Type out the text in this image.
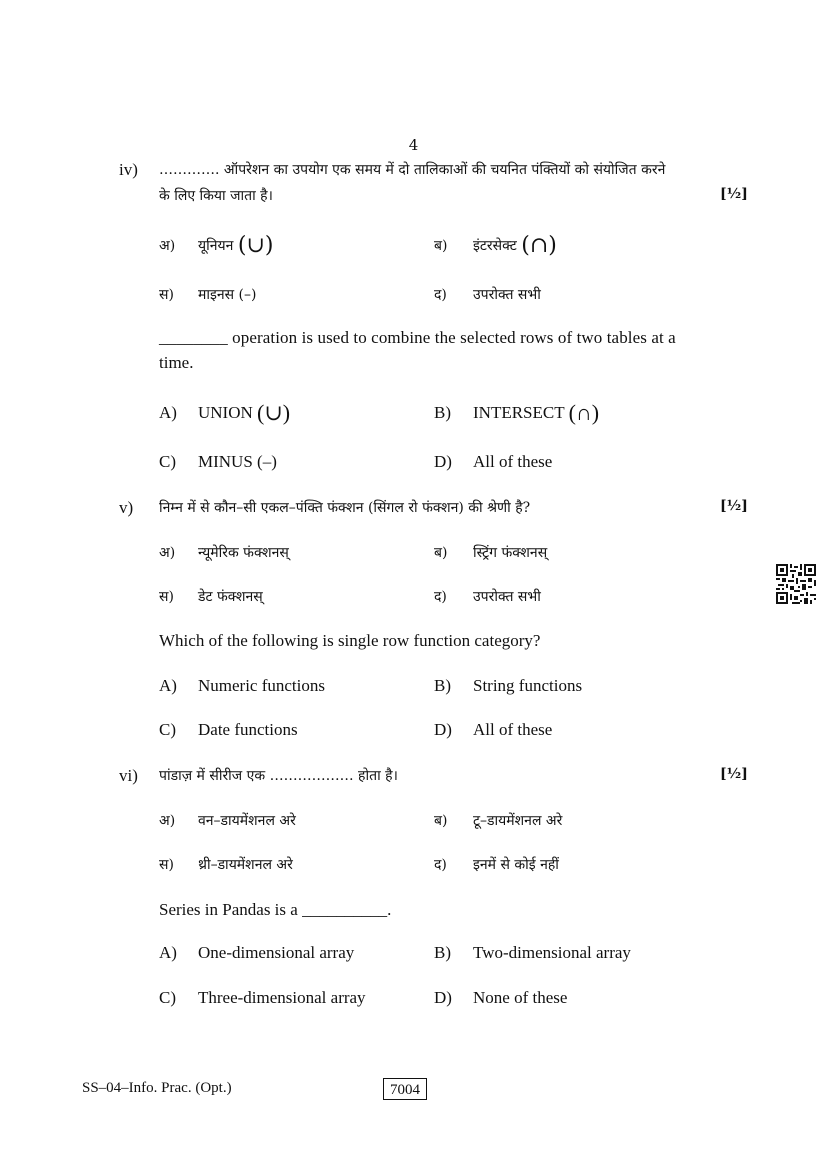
4
iv) …………. ऑपरेशन का उपयोग एक समय में दो तालिकाओं की चयनित पंक्तियों को संयोजित करने
के लिए किया जाता है।	[½]
अ) यूनियन (∪)	ब) इंटरसेक्ट (∩)
स) माइनस (–)	द) उपरोक्त सभी
________ operation is used to combine the selected rows of two tables at a
time.
A) UNION (∪)	B) INTERSECT (∩)
C) MINUS (–)	D) All of these
v) निम्न में से कौन–सी एकल–पंक्ति फंक्शन (सिंगल रो फंक्शन) की श्रेणी है?	[½]
अ) न्यूमेरिक फंक्शनस्	ब) स्ट्रिंग फंक्शनस्
स) डेट फंक्शनस्	द) उपरोक्त सभी
Which of the following is single row function category?
A) Numeric functions	B) String functions
C) Date functions	D) All of these
vi) पांडाज़ में सीरीज एक ……………… होता है।	[½]
अ) वन–डायमेंशनल अरे	ब) टू–डायमेंशनल अरे
स) थ्री–डायमेंशनल अरे	द) इनमें से कोई नहीं
Series in Pandas is a __________.
A) One-dimensional array	B) Two-dimensional array
C) Three-dimensional array	D) None of these
SS–04–Info. Prac. (Opt.)	7004
